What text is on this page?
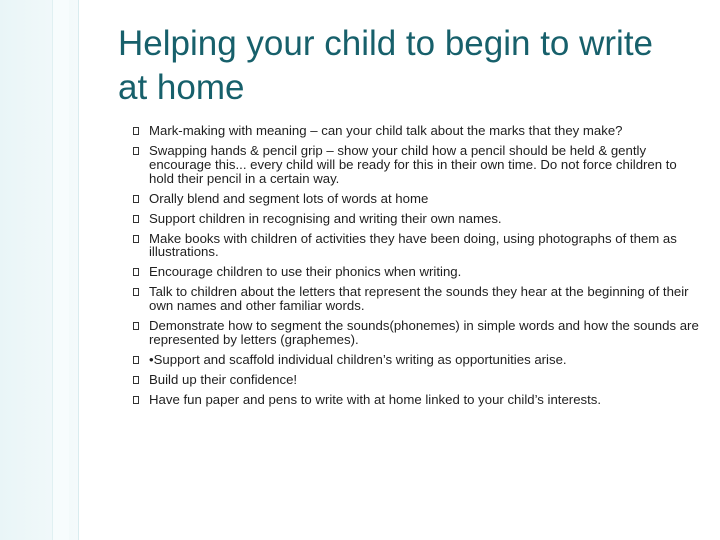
Helping your child to begin to write at home
Mark-making with meaning – can your child talk about the marks that they make?
Swapping hands & pencil grip – show your child how a pencil should be held & gently encourage this... every child will be ready for this in their own time. Do not force children to hold their pencil in a certain way.
Orally blend and segment lots of words at home
Support children in recognising and writing their own names.
Make books with children of activities they have been doing, using photographs of them as illustrations.
Encourage children to use their phonics when writing.
Talk to children about the letters that represent the sounds they hear at the beginning of their own names and other familiar words.
Demonstrate how to segment the sounds(phonemes) in simple words and how the sounds are represented by letters (graphemes).
•Support and scaffold individual children’s writing as opportunities arise.
Build up their confidence!
Have fun paper and pens to write with at home linked to your child’s interests.
